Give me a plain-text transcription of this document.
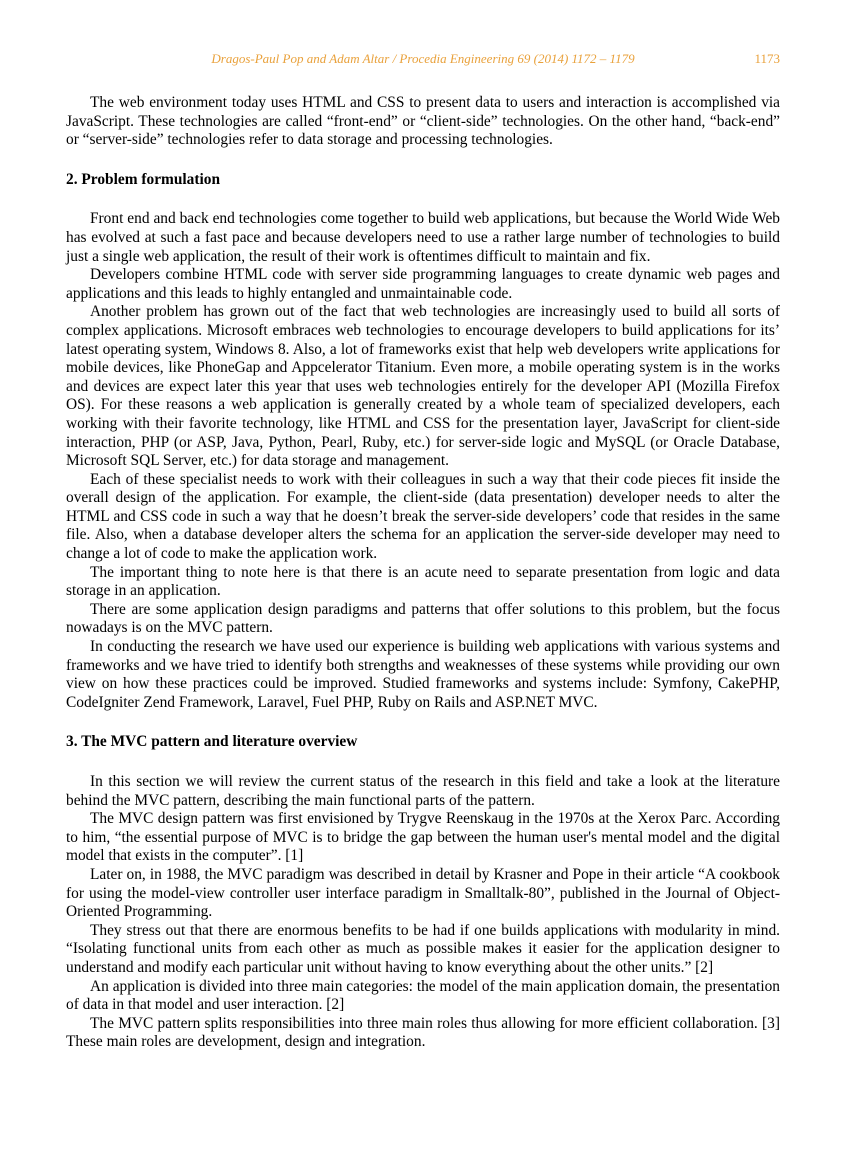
Dragos-Paul Pop and Adam Altar / Procedia Engineering 69 (2014) 1172 – 1179	1173

The web environment today uses HTML and CSS to present data to users and interaction is accomplished via JavaScript. These technologies are called “front-end” or “client-side” technologies. On the other hand, “back-end” or “server-side” technologies refer to data storage and processing technologies.

2. Problem formulation

Front end and back end technologies come together to build web applications, but because the World Wide Web has evolved at such a fast pace and because developers need to use a rather large number of technologies to build just a single web application, the result of their work is oftentimes difficult to maintain and fix.

Developers combine HTML code with server side programming languages to create dynamic web pages and applications and this leads to highly entangled and unmaintainable code.

Another problem has grown out of the fact that web technologies are increasingly used to build all sorts of complex applications. Microsoft embraces web technologies to encourage developers to build applications for its’ latest operating system, Windows 8. Also, a lot of frameworks exist that help web developers write applications for mobile devices, like PhoneGap and Appcelerator Titanium. Even more, a mobile operating system is in the works and devices are expect later this year that uses web technologies entirely for the developer API (Mozilla Firefox OS). For these reasons a web application is generally created by a whole team of specialized developers, each working with their favorite technology, like HTML and CSS for the presentation layer, JavaScript for client-side interaction, PHP (or ASP, Java, Python, Pearl, Ruby, etc.) for server-side logic and MySQL (or Oracle Database, Microsoft SQL Server, etc.) for data storage and management.

Each of these specialist needs to work with their colleagues in such a way that their code pieces fit inside the overall design of the application. For example, the client-side (data presentation) developer needs to alter the HTML and CSS code in such a way that he doesn’t break the server-side developers’ code that resides in the same file. Also, when a database developer alters the schema for an application the server-side developer may need to change a lot of code to make the application work.

The important thing to note here is that there is an acute need to separate presentation from logic and data storage in an application.

There are some application design paradigms and patterns that offer solutions to this problem, but the focus nowadays is on the MVC pattern.

In conducting the research we have used our experience is building web applications with various systems and frameworks and we have tried to identify both strengths and weaknesses of these systems while providing our own view on how these practices could be improved. Studied frameworks and systems include: Symfony, CakePHP, CodeIgniter Zend Framework, Laravel, Fuel PHP, Ruby on Rails and ASP.NET MVC.

3. The MVC pattern and literature overview

In this section we will review the current status of the research in this field and take a look at the literature behind the MVC pattern, describing the main functional parts of the pattern.

The MVC design pattern was first envisioned by Trygve Reenskaug in the 1970s at the Xerox Parc. According to him, “the essential purpose of MVC is to bridge the gap between the human user's mental model and the digital model that exists in the computer”. [1]

Later on, in 1988, the MVC paradigm was described in detail by Krasner and Pope in their article “A cookbook for using the model-view controller user interface paradigm in Smalltalk-80”, published in the Journal of Object-Oriented Programming.

They stress out that there are enormous benefits to be had if one builds applications with modularity in mind. “Isolating functional units from each other as much as possible makes it easier for the application designer to understand and modify each particular unit without having to know everything about the other units.” [2]

An application is divided into three main categories: the model of the main application domain, the presentation of data in that model and user interaction. [2]

The MVC pattern splits responsibilities into three main roles thus allowing for more efficient collaboration. [3] These main roles are development, design and integration.
